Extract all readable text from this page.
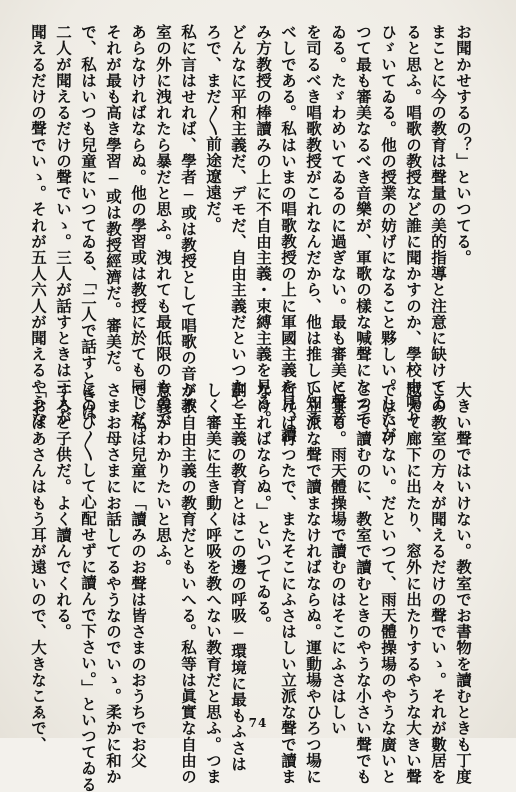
お聞かせするの？」といつてる。
まことに今の教育は聲量の美的指導と注意に缺けてゐ
ると思ふ。唱歌の教授など誰に聞かすのか、學校中鳴り
ひゞいてゐる。他の授業の妨げになること夥しい。したが
つて最も審美なるべき音樂が、軍歌の樣な喊聲になつて
ゐる。たゞわめいてゐるのに過ぎない。最も審美に聲音
を司るべき唱歌教授がこれなんだから、他は推して知る
べしである。私はいまの唱歌教授の上に軍國主義を見、讀
み方教授の棒讀みの上に不自由主義・束縛主義を見る。
どんなに平和主義だ、デモだ、自由主義だといつたとこ
ろで、まだ〳〵前途遼遠だ。
私に言はせれば、學者─或は教授として唱歌の音が教
室の外に洩れたら暴だと思ふ。洩れても最低限のもので
あらなければならぬ。他の學習或は教授に於ても同じだ。
それが最も高き學習─或は教授經濟だ。審美だ。
で、私はいつも兒童にいつてゐる、「二人で話すときは
二人が聞えるだけの聲でいゝ。三人が話すときは三人が
聞えるだけの聲でいゝ。それが五人六人が聞えるやうな
大きい聲ではいけない。教室でお書物を讀むときも丁度
この教室の方々が聞えるだけの聲でいゝ。それが數居を
越えて廊下に出たり、窓外に出たりするやうな大きい聲
ではいけない。だといつて、雨天體操場のやうな廣いと
ころで讀むのに、教室で讀むときのやうな小さい聲でも
こまる。雨天體操場で讀むのはそこにふさはしい
い立派な聲で讀まなければならぬ。運動場やひろつ場に
行けば行つたで、またそこにふさはしい立派な聲で讀ま
なければならぬ。」といつてゐる。
劃一主義の教育とはこの邊の呼吸─環境に最もふさは
しく審美に生き動く呼吸を教へない教育だと思ふ。つま
り不自由主義の教育だともいへる。私等は眞實な自由の
意義がわかりたいと思ふ。
で、私は兒童に「讀みのお聲は皆さまのおうちでお父
さまお母さまにお話してるやうなのでいゝ。柔かに和か
にのび〳〵して心配せずに讀んで下さい。」といつてゐる
すると子供だ。よく讀んでくれる。
「おばあさんはもう耳が遠いので、大きなこゑで、	74
